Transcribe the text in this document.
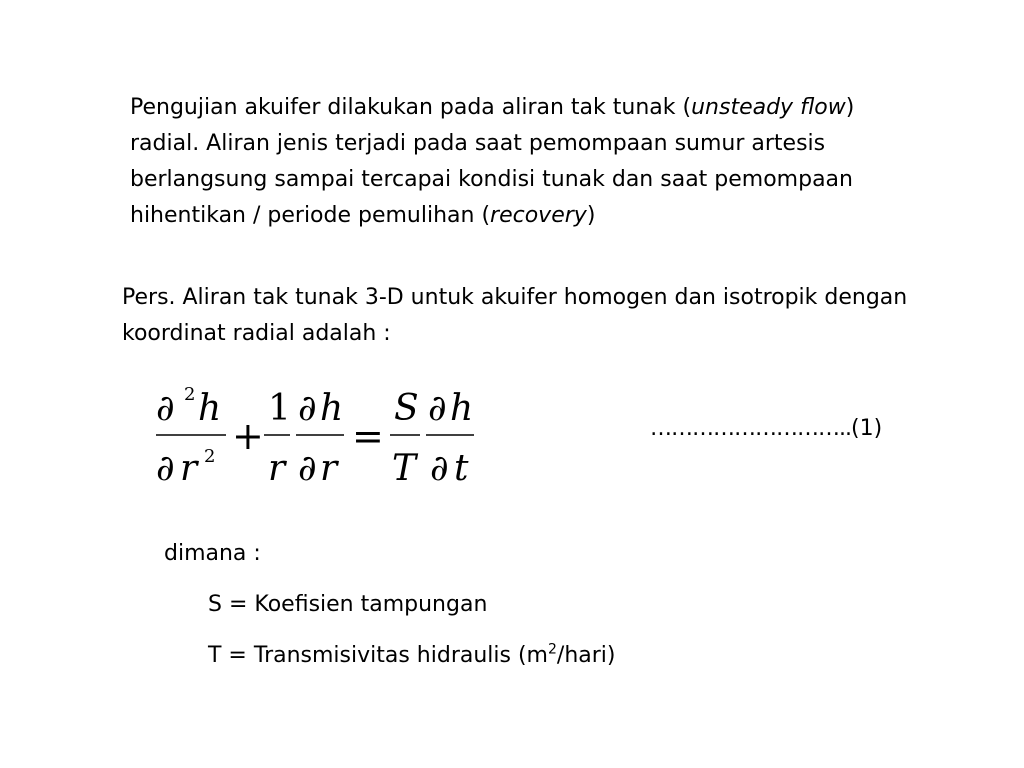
Pengujian akuifer dilakukan pada aliran tak tunak (unsteady flow) radial. Aliran jenis terjadi pada saat pemompaan sumur artesis berlangsung sampai tercapai kondisi tunak dan saat pemompaan hihentikan / periode pemulihan (recovery)

Pers. Aliran tak tunak 3-D untuk akuifer homogen dan isotropik dengan koordinat radial adalah :

∂ 2 h
∂ r 2 +
1
r
∂ h
∂ r
=
S
T
∂ h
∂ t
………………………..(1)

dimana :

S = Koefisien tampungan

T = Transmisivitas hidraulis $(m^2/hari)$
